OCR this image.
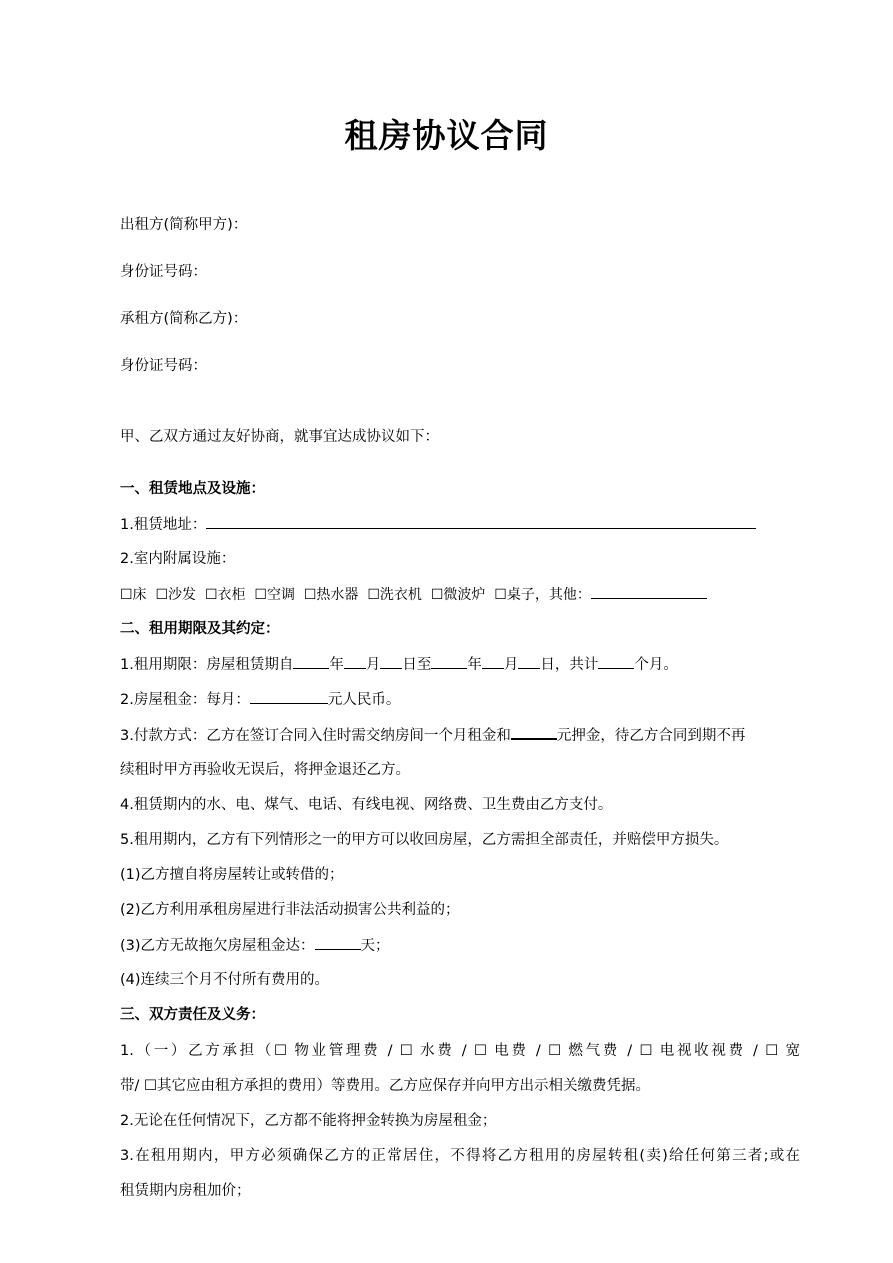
租房协议合同
出租方(简称甲方)：
身份证号码：
承租方(简称乙方)：
身份证号码：
甲、乙双方通过友好协商，就事宜达成协议如下：
一、租赁地点及设施：
1.租赁地址：
2.室内附属设施：
☐床 ☐沙发 ☐衣柜 ☐空调 ☐热水器 ☐洗衣机 ☐微波炉 ☐桌子，其他：
二、租用期限及其约定：
1.租用期限：房屋租赁期自 年 月 日至 年 月 日，共计 个月。
2.房屋租金：每月：	元人民币。
3.付款方式：乙方在签订合同入住时需交纳房间一个月租金和	元押金，待乙方合同到期不再
续租时甲方再验收无误后，将押金退还乙方。
4.租赁期内的水、电、煤气、电话、有线电视、网络费、卫生费由乙方支付。
5.租用期内，乙方有下列情形之一的甲方可以收回房屋，乙方需担全部责任，并赔偿甲方损失。
(1)乙方擅自将房屋转让或转借的；
(2)乙方利用承租房屋进行非法活动损害公共利益的；
(3)乙方无故拖欠房屋租金达：	天；
(4)连续三个月不付所有费用的。
三、双方责任及义务：
1.（一）乙方承担（☐ 物业管理费 / ☐ 水费 / ☐ 电费 / ☐ 燃气费 / ☐ 电视收视费 / ☐ 宽
带/ ☐其它应由租方承担的费用）等费用。乙方应保存并向甲方出示相关缴费凭据。
2.无论在任何情况下，乙方都不能将押金转换为房屋租金；
3.在租用期内，甲方必须确保乙方的正常居住，不得将乙方租用的房屋转租(卖)给任何第三者;或在
租赁期内房租加价；
